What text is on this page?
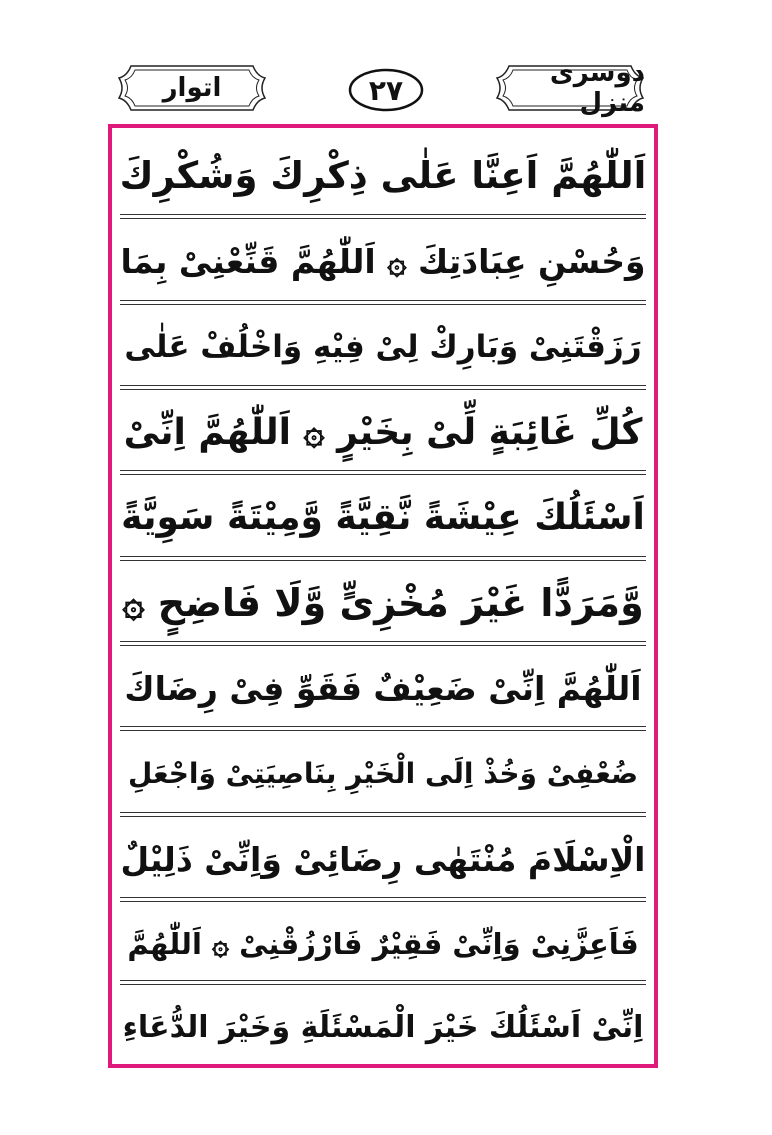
اتوار	۲۷
دوسری منزل
اَللّٰهُمَّ اَعِنَّا عَلٰى ذِكْرِكَ وَشُكْرِكَ
وَحُسْنِ عِبَادَتِكَ ۞ اَللّٰهُمَّ قَنِّعْنِىْ بِمَا
رَزَقْتَنِىْ وَبَارِكْ لِىْ فِيْهِ وَاخْلُفْ عَلٰى
كُلِّ غَائِبَةٍ لِّىْ بِخَيْرٍ ۞ اَللّٰهُمَّ اِنِّىْ
اَسْئَلُكَ عِيْشَةً نَّقِيَّةً وَّمِيْتَةً سَوِيَّةً
وَّمَرَدًّا غَيْرَ مُخْزِىٍّ وَّلَا فَاضِحٍ ۞
اَللّٰهُمَّ اِنِّىْ ضَعِيْفٌ فَقَوِّ فِىْ رِضَاكَ
ضُعْفِىْ وَخُذْ اِلَى الْخَيْرِ بِنَاصِيَتِىْ وَاجْعَلِ
الْاِسْلَامَ مُنْتَهٰى رِضَائِىْ وَاِنِّىْ ذَلِيْلٌ
فَاَعِزَّنِىْ وَاِنِّىْ فَقِيْرٌ فَارْزُقْنِىْ ۞ اَللّٰهُمَّ
اِنِّىْ اَسْئَلُكَ خَيْرَ الْمَسْئَلَةِ وَخَيْرَ الدُّعَاءِ
